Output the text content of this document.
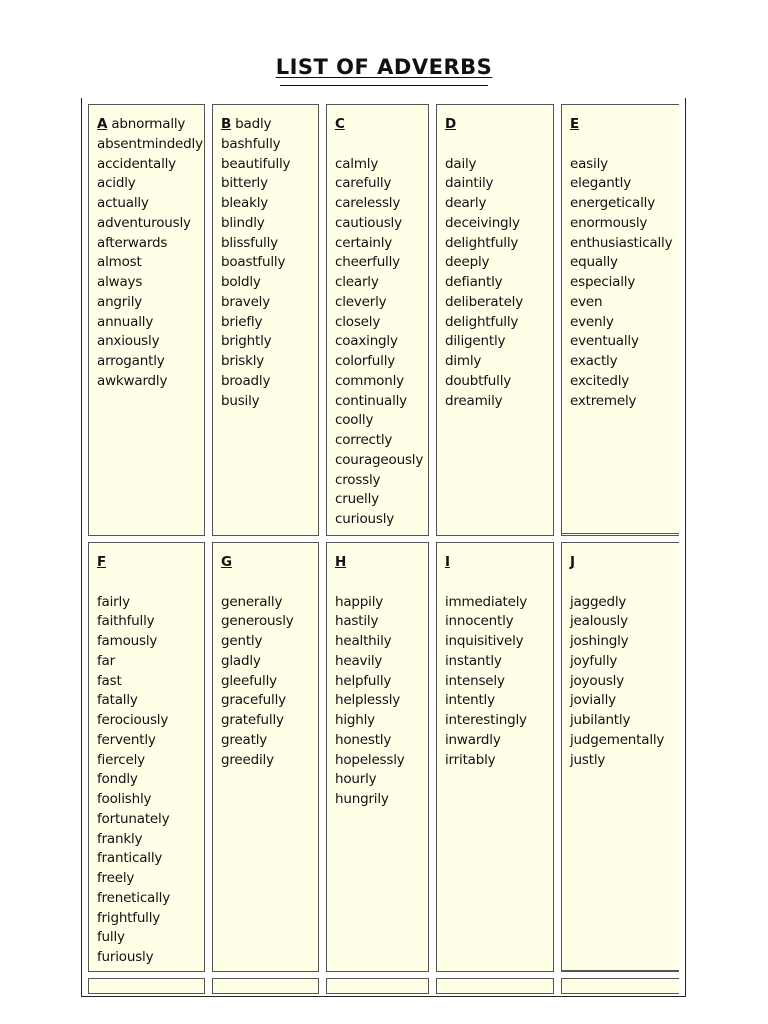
LIST OF ADVERBS
A abnormally
absentmindedly
accidentally
acidly
actually
adventurously
afterwards
almost
always
angrily
annually
anxiously
arrogantly
awkwardly
B badly
bashfully
beautifully
bitterly
bleakly
blindly
blissfully
boastfully
boldly
bravely
briefly
brightly
briskly
broadly
busily
C
calmly
carefully
carelessly
cautiously
certainly
cheerfully
clearly
cleverly
closely
coaxingly
colorfully
commonly
continually
coolly
correctly
courageously
crossly
cruelly
curiously
D
daily
daintily
dearly
deceivingly
delightfully
deeply
defiantly
deliberately
delightfully
diligently
dimly
doubtfully
dreamily
E
easily
elegantly
energetically
enormously
enthusiastically
equally
especially
even
evenly
eventually
exactly
excitedly
extremely
F
fairly
faithfully
famously
far
fast
fatally
ferociously
fervently
fiercely
fondly
foolishly
fortunately
frankly
frantically
freely
frenetically
frightfully
fully
furiously
G
generally
generously
gently
gladly
gleefully
gracefully
gratefully
greatly
greedily
H
happily
hastily
healthily
heavily
helpfully
helplessly
highly
honestly
hopelessly
hourly
hungrily
I
immediately
innocently
inquisitively
instantly
intensely
intently
interestingly
inwardly
irritably
J
jaggedly
jealously
joshingly
joyfully
joyously
jovially
jubilantly
judgementally
justly
